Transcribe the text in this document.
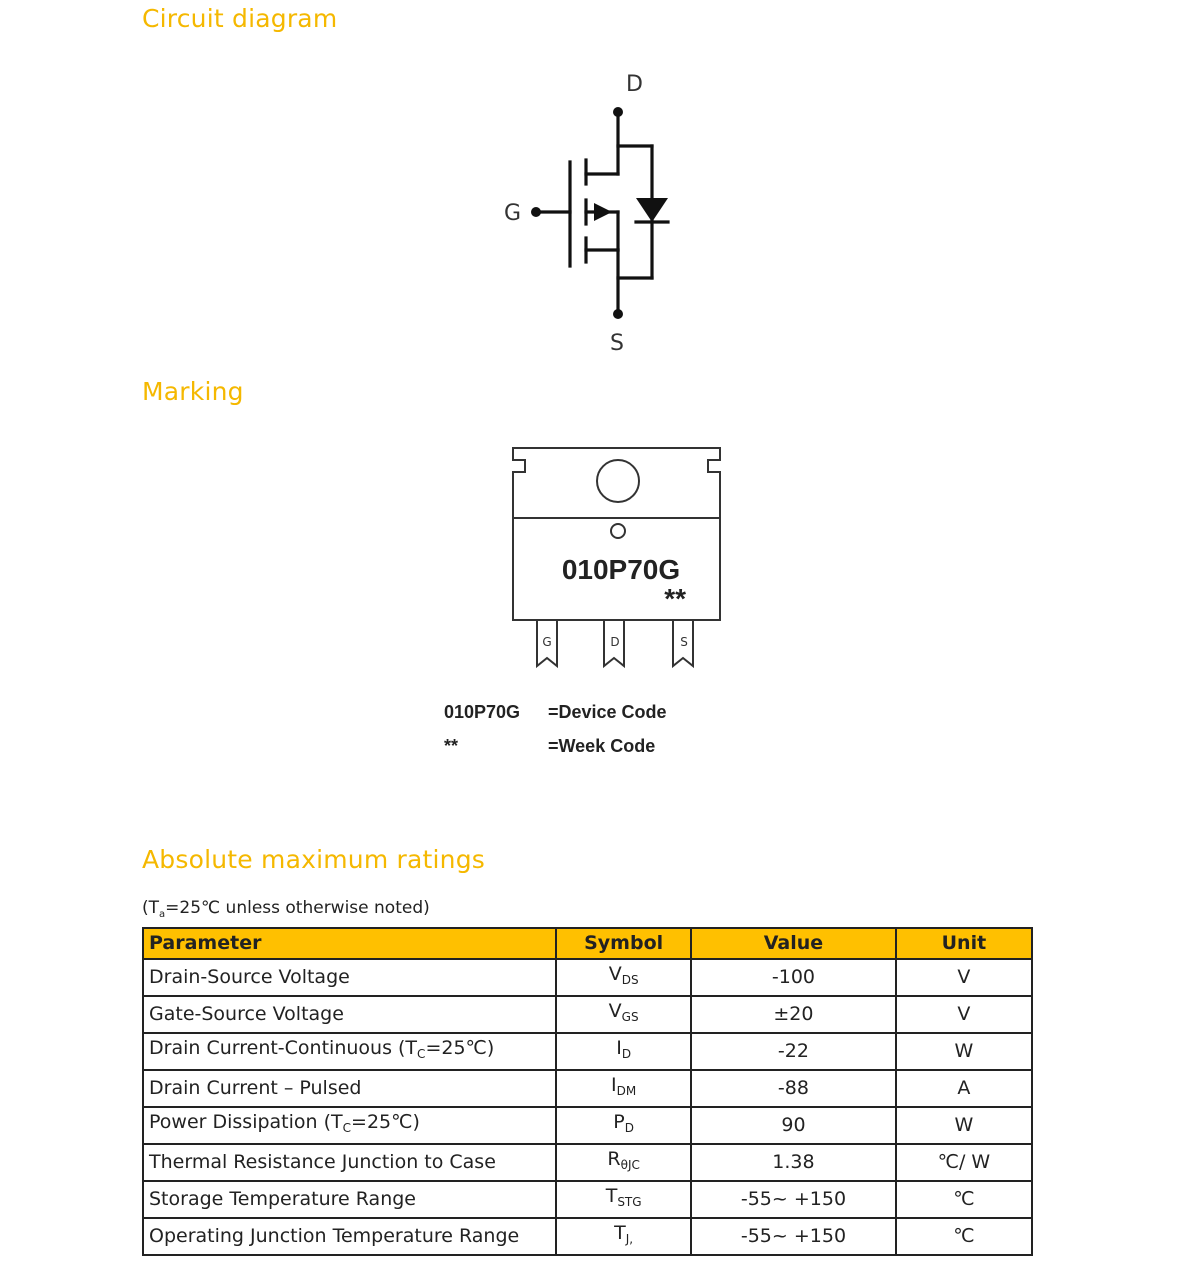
Circuit diagram
D
G
S
Marking
010P70G
**
G	D	S
010P70G =Device Code
**	=Week Code
Absolute maximum ratings
($T_a=25℃$ unless otherwise noted)
Parameter	Symbol	Value	Unit
Drain-Source Voltage	$V_{DS}$	-100	V
Gate-Source Voltage	$V_{GS}$	±20	V
Drain Current-Continuous $(T_C=25℃)$	$I_D$	-22	W
Drain Current – Pulsed	$I_{DM}$	-88	A
Power Dissipation $(T_C=25℃)$	$P_D$	90	W
Thermal Resistance Junction to Case	$R_{\theta JC}$	1.38	℃/ W
Storage Temperature Range	$T_{STG}$	-55~ +150	℃
Operating Junction Temperature Range	$T_{J,}$	-55~ +150	℃
